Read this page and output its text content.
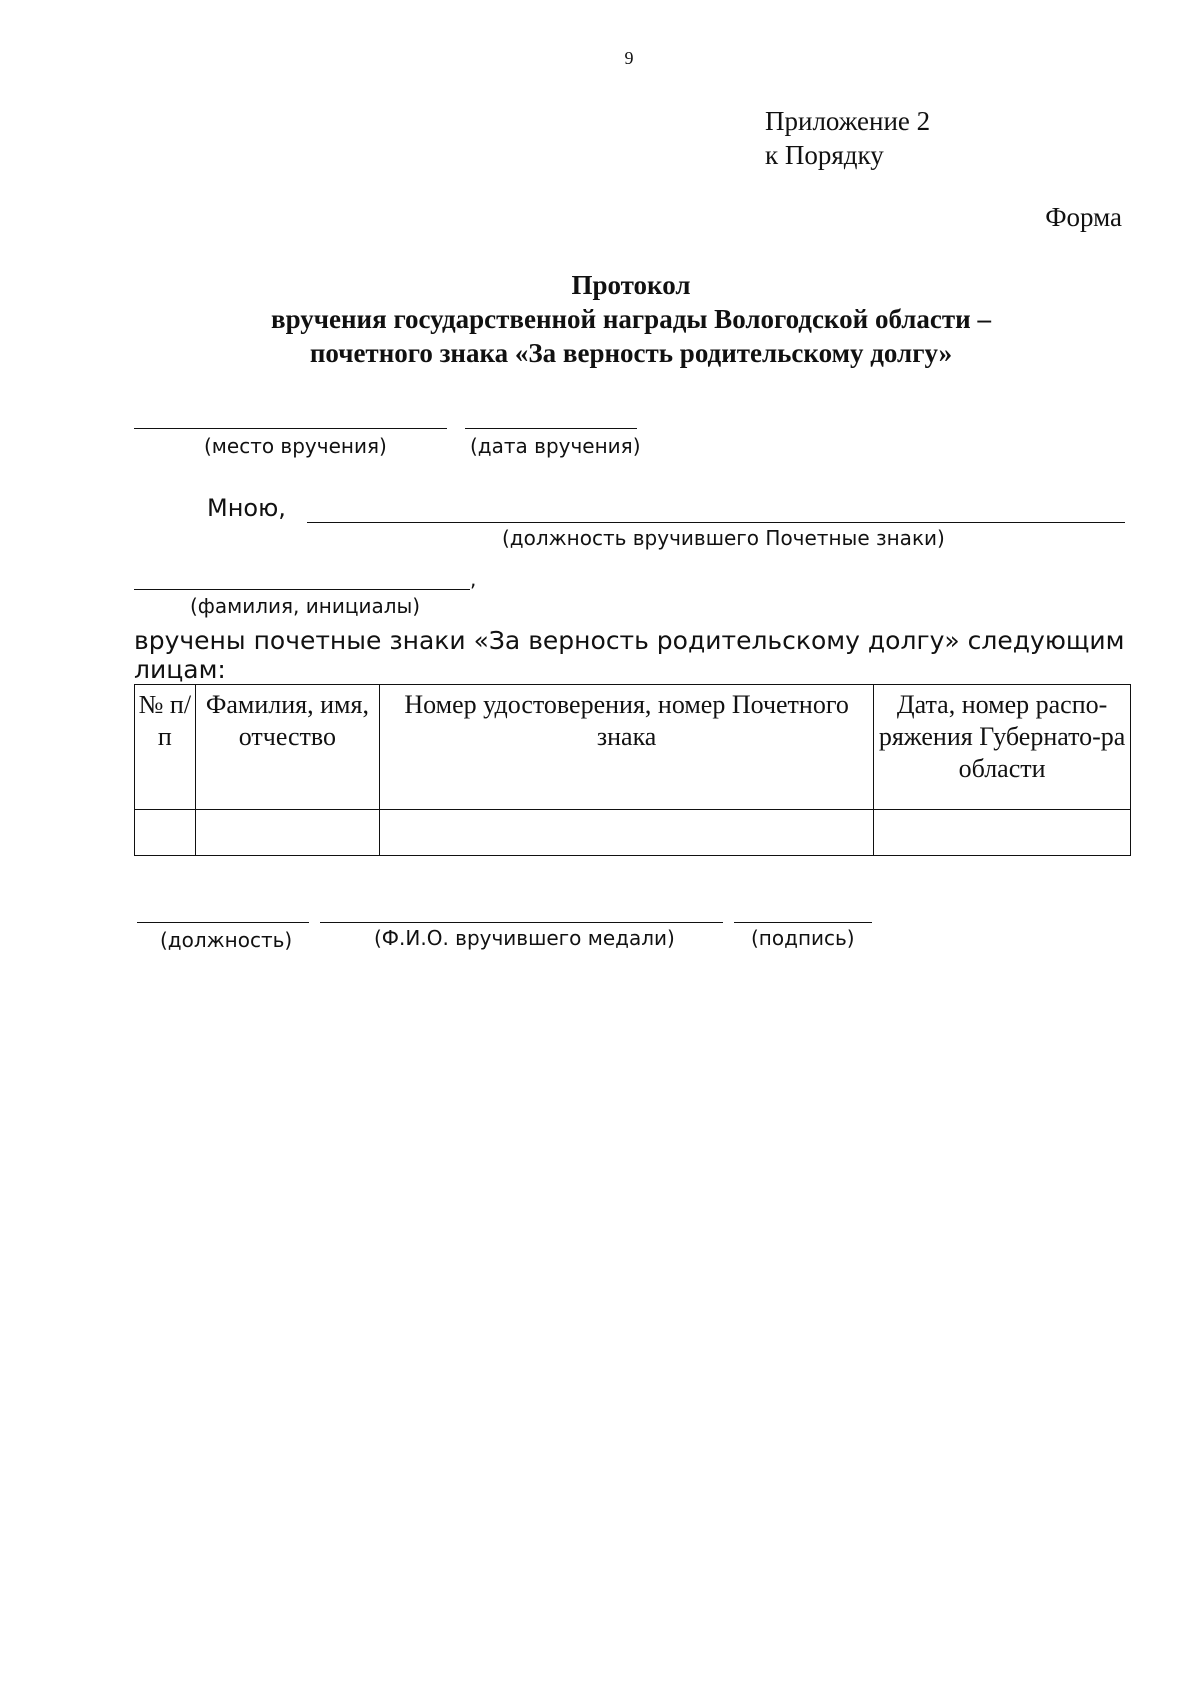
9
Приложение 2
к Порядку
Форма
Протокол
вручения государственной награды Вологодской области –
почетного знака «За верность родительскому долгу»
(место вручения)	(дата вручения)
Мною,
(должность вручившего Почетные знаки)
,
(фамилия, инициалы)
вручены почетные знаки «За верность родительскому долгу» следующим лицам:
№ п/п	Фамилия, имя, отчество	Номер удостоверения, номер Почетного знака	Дата, номер распо-ряжения Губернато-ра области

(должность)	(Ф.И.О. вручившего медали)	(подпись)
